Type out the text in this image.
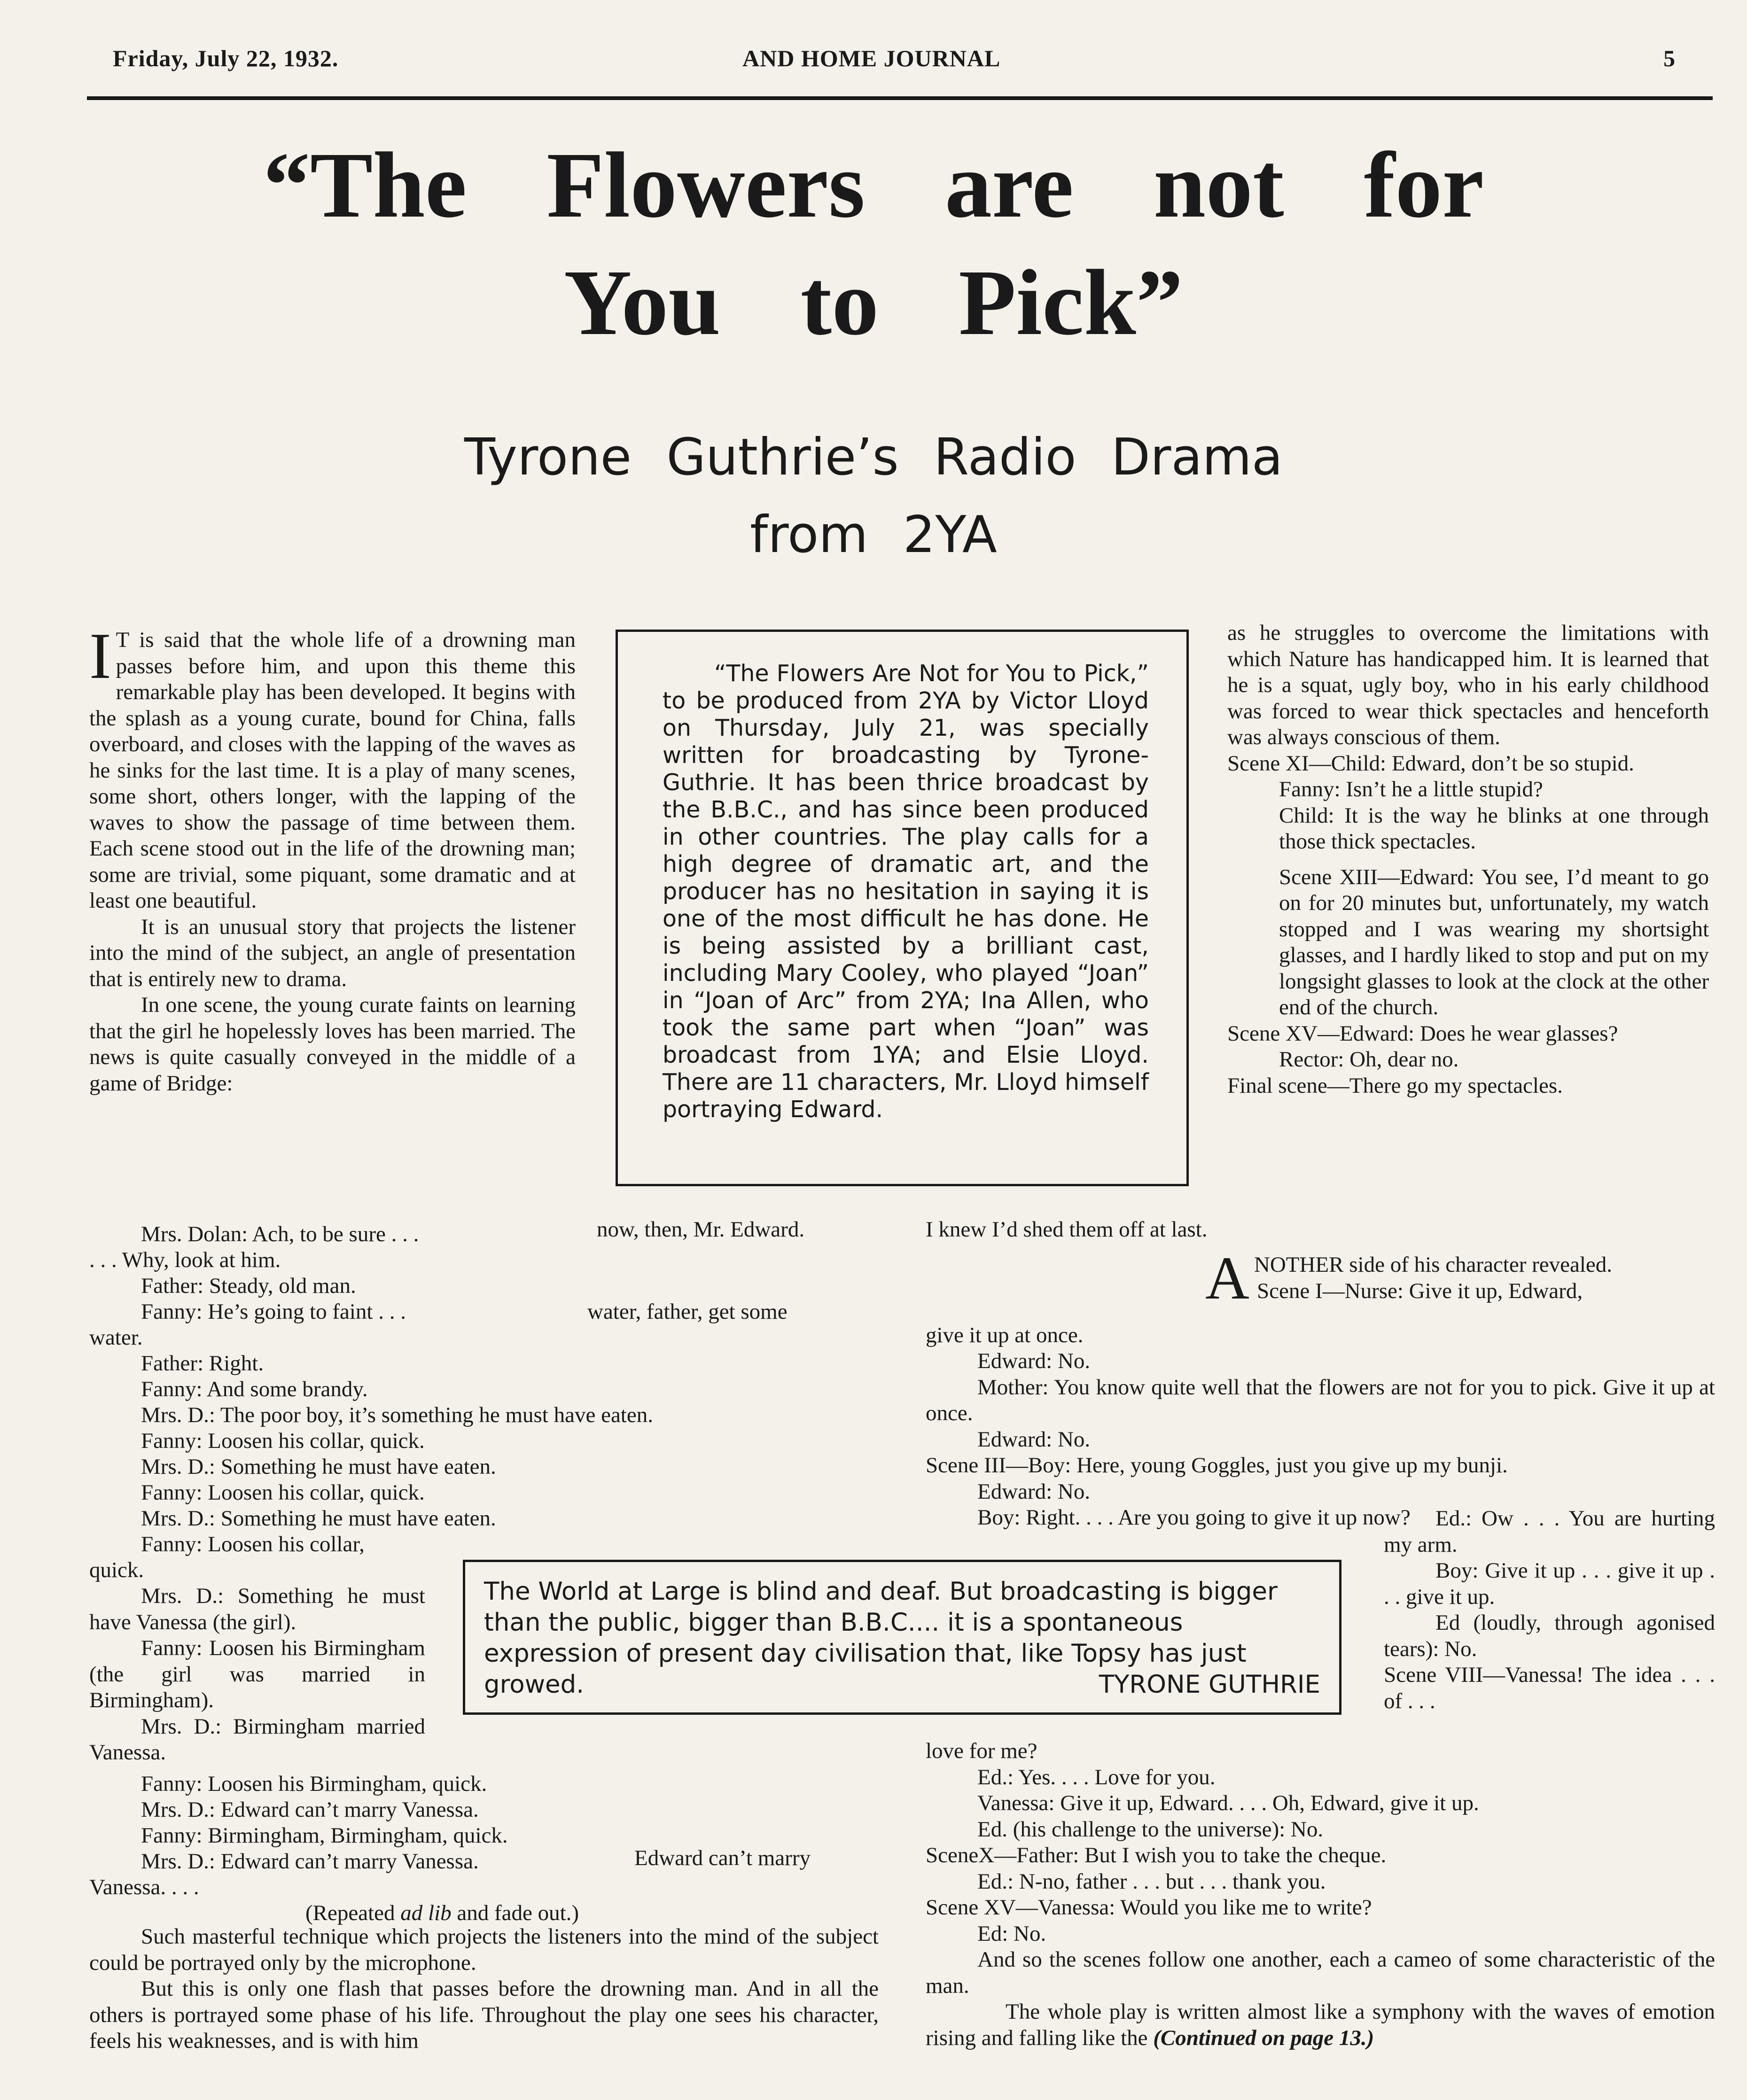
Friday, July 22, 1932.	AND HOME JOURNAL	5
“The Flowers are not for
You to Pick”
Tyrone Guthrie’s Radio Drama
from 2YA

I T is said that the whole life of a drowning man passes before him, and upon this theme this remarkable play has been developed. It begins with the splash as a young curate, bound for China, falls overboard, and closes with the lapping of the waves as he sinks for the last time. It is a play of many scenes, some short, others longer, with the lapping of the waves to show the passage of time between them. Each scene stood out in the life of the drowning man; some are trivial, some piquant, some dramatic and at least one beautiful.

It is an unusual story that projects the listener into the mind of the subject, an angle of presentation that is entirely new to drama.

In one scene, the young curate faints on learning that the girl he hopelessly loves has been married. The news is quite casually conveyed in the middle of a game of Bridge:

“The Flowers Are Not for You to Pick,” to be produced from 2YA by Victor Lloyd on Thursday, July 21, was specially written for broadcasting by Tyrone-Guthrie. It has been thrice broadcast by the B.B.C., and has since been produced in other countries. The play calls for a high degree of dramatic art, and the producer has no hesitation in saying it is one of the most difficult he has done. He is being assisted by a brilliant cast, including Mary Cooley, who played “Joan” in “Joan of Arc” from 2YA; Ina Allen, who took the same part when “Joan” was broadcast from 1YA; and Elsie Lloyd. There are 11 characters, Mr. Lloyd himself portraying Edward.

as he struggles to overcome the limitations with which Nature has handicapped him. It is learned that he is a squat, ugly boy, who in his early childhood was forced to wear thick spectacles and henceforth was always conscious of them.

Scene XI—Child: Edward, don’t be so stupid.

Fanny: Isn’t he a little stupid?

Child: It is the way he blinks at one through those thick spectacles.

Scene XIII—Edward: You see, I’d meant to go on for 20 minutes but, unfortunately, my watch stopped and I was wearing my shortsight glasses, and I hardly liked to stop and put on my longsight glasses to look at the clock at the other end of the church.

Scene XV—Edward: Does he wear glasses?

Rector: Oh, dear no.

Final scene—There go my spectacles.

Mrs. Dolan: Ach, to be sure . . .	now, then, Mr. Edward.	I knew I’d shed them off at last.
. . . Why, look at him.
Father: Steady, old man.
Fanny: He’s going to faint . . .	water, father, get some
water.
Father: Right.
Fanny: And some brandy.
Mrs. D.: The poor boy, it’s something he must have eaten.
Fanny: Loosen his collar, quick.
Mrs. D.: Something he must have eaten.
Fanny: Loosen his collar, quick.
Mrs. D.: Something he must have eaten.
Fanny: Loosen his collar,
quick.

Mrs. D.: Something he must have Vanessa (the girl).

Fanny: Loosen his Birmingham (the girl was married in Birmingham).

Mrs. D.: Birmingham married Vanessa.

Fanny: Loosen his Birmingham, quick.
Mrs. D.: Edward can’t marry Vanessa.
Fanny: Birmingham, Birmingham, quick.
Mrs. D.: Edward can’t marry Vanessa.	Edward can’t marry
Vanessa. . . .
(Repeated ad lib and fade out.)

Such masterful technique which projects the listeners into the mind of the subject could be portrayed only by the microphone.

But this is only one flash that passes before the drowning man. And in all the others is portrayed some phase of his life. Throughout the play one sees his character, feels his weaknesses, and is with him

The World at Large is blind and deaf. But broadcasting is bigger than the public, bigger than B.B.C.... it is a spontaneous expression of present day civilisation that, like Topsy has just growed.	TYRONE GUTHRIE
A NOTHER side of his character revealed.

Scene I—Nurse: Give it up, Edward,

give it up at once.

Edward: No.

Mother: You know quite well that the flowers are not for you to pick. Give it up at once.

Edward: No.

Scene III—Boy: Here, young Goggles, just you give up my bunji.

Edward: No.

Boy: Right. . . . Are you going to give it up now?	Ed.: Ow . . . You are hurting my arm.

Boy: Give it up . . . give it up . . . give it up.

Ed (loudly, through agonised tears): No.

Scene VIII—Vanessa! The idea . . . of . . .

love for me?

Ed.: Yes. . . . Love for you.

Vanessa: Give it up, Edward. . . . Oh, Edward, give it up.

Ed. (his challenge to the universe): No.

SceneX—Father: But I wish you to take the cheque.

Ed.: N-no, father . . . but . . . thank you.

Scene XV—Vanessa: Would you like me to write?

Ed: No.

And so the scenes follow one another, each a cameo of some characteristic of the man.

The whole play is written almost like a symphony with the waves of emotion rising and falling like the (Continued on page 13.)
